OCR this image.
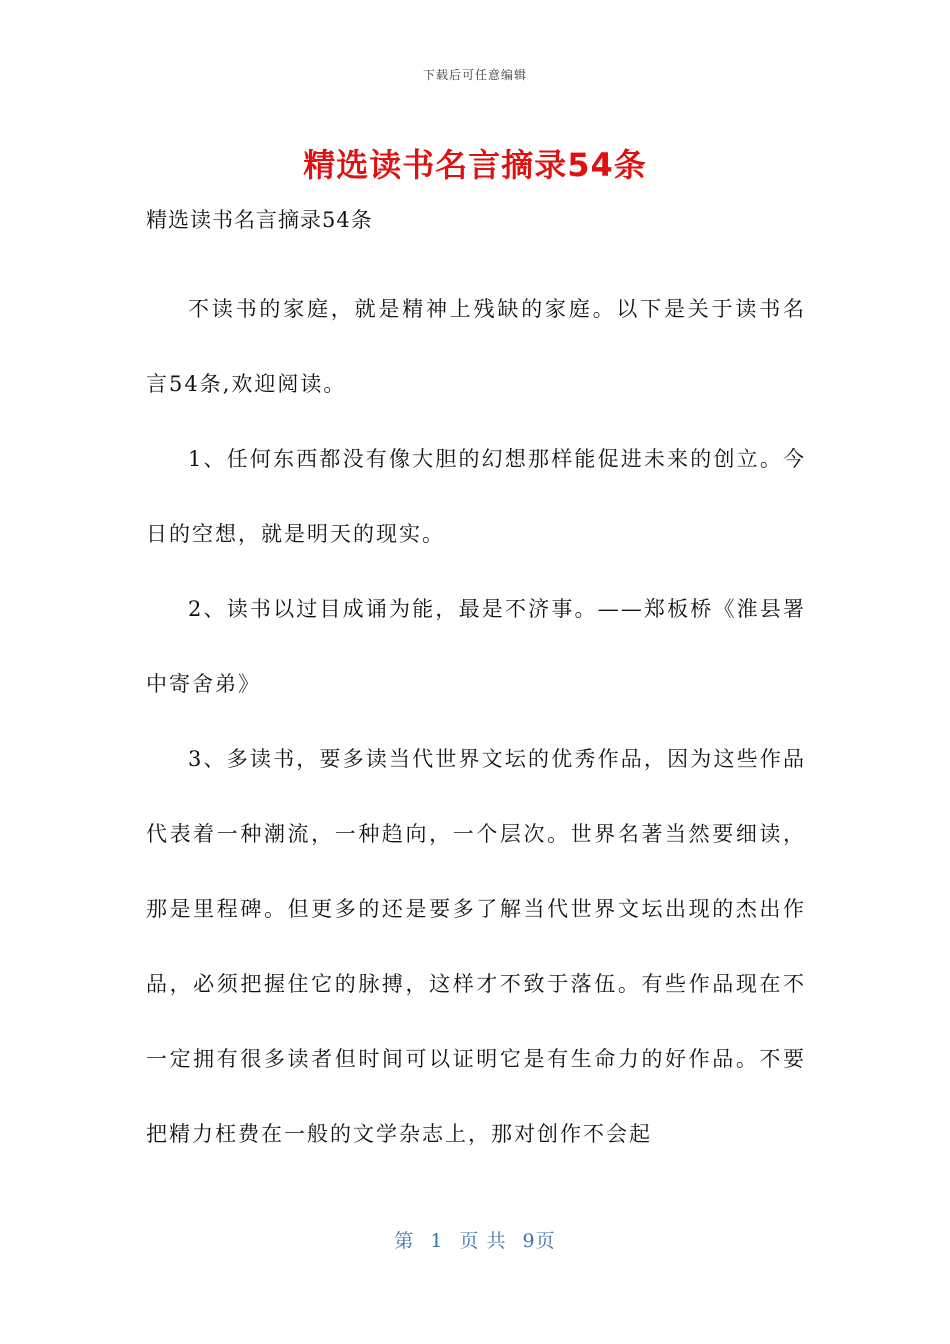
下载后可任意编辑
精选读书名言摘录54条
精选读书名言摘录54条

不读书的家庭，就是精神上残缺的家庭。以下是关于读书名言54条,欢迎阅读。

1、任何东西都没有像大胆的幻想那样能促进未来的创立。今日的空想，就是明天的现实。

2、读书以过目成诵为能，最是不济事。——郑板桥《淮县署中寄舍弟》

3、多读书，要多读当代世界文坛的优秀作品，因为这些作品代表着一种潮流，一种趋向，一个层次。世界名著当然要细读，那是里程碑。但更多的还是要多了解当代世界文坛出现的杰出作品，必须把握住它的脉搏，这样才不致于落伍。有些作品现在不一定拥有很多读者但时间可以证明它是有生命力的好作品。不要把精力枉费在一般的文学杂志上，那对创作不会起

第 1 页 共 9页
